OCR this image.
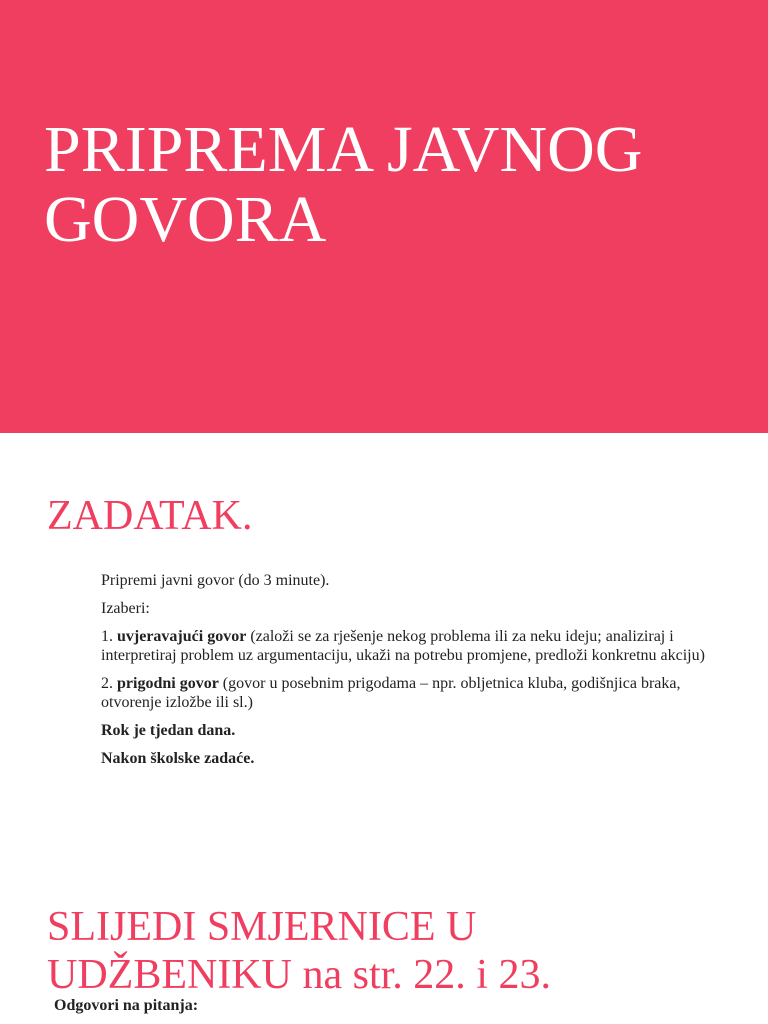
PRIPREMA JAVNOG
GOVORA
ZADATAK.

Pripremi javni govor (do 3 minute).

Izaberi:

1. uvjeravajući govor (založi se za rješenje nekog problema ili za neku ideju; analiziraj i interpretiraj problem uz argumentaciju, ukaži na potrebu promjene, predloži konkretnu akciju)

2. prigodni govor (govor u posebnim prigodama – npr. obljetnica kluba, godišnjica braka, otvorenje izložbe ili sl.)

Rok je tjedan dana.

Nakon školske zadaće.

SLIJEDI SMJERNICE U
UDŽBENIKU na str. 22. i 23.

Odgovori na pitanja:
